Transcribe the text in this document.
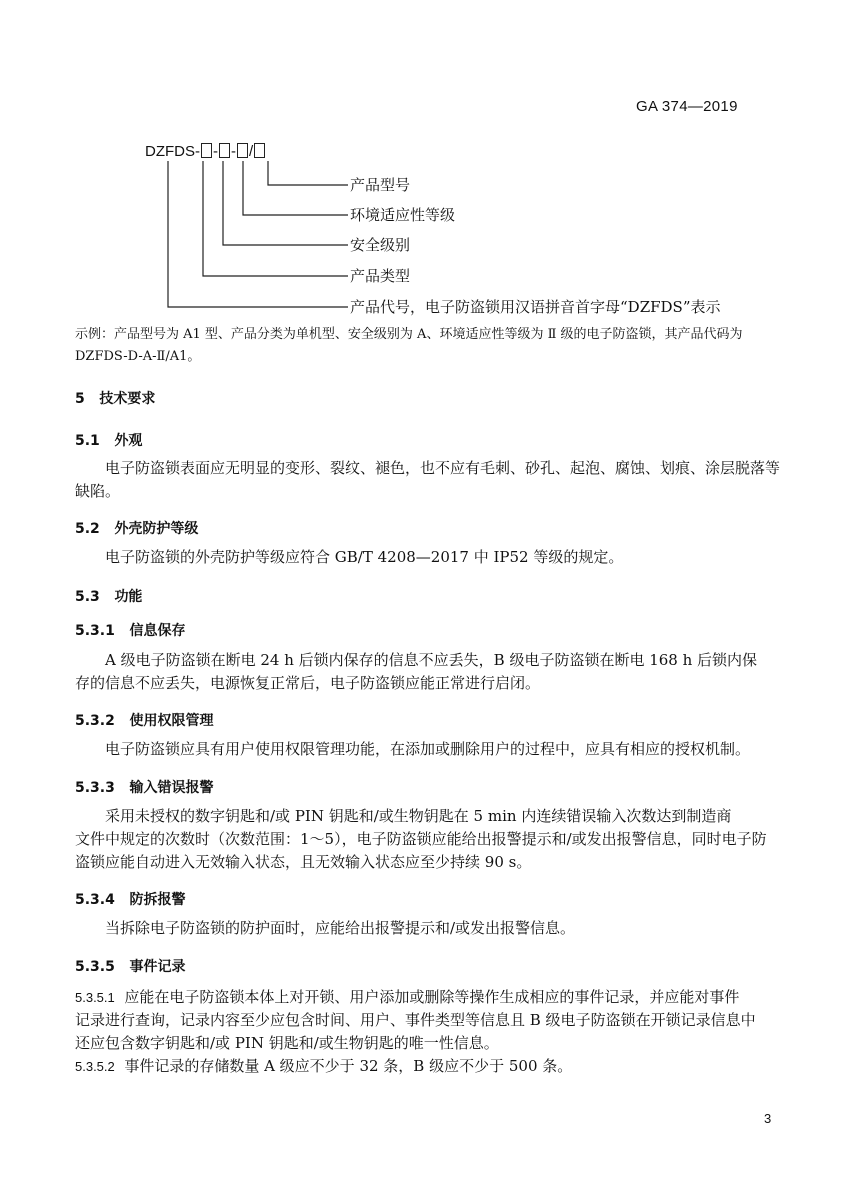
GA 374—2019
DZFDS- - - /
产品型号
环境适应性等级
安全级别
产品类型
产品代号，电子防盗锁用汉语拼音首字母“DZFDS”表示
示例：产品型号为 A1 型、产品分类为单机型、安全级别为 A、环境适应性等级为 Ⅱ 级的电子防盗锁，其产品代码为
DZFDS-D-A-Ⅱ/A1。
5 技术要求
5.1 外观
电子防盗锁表面应无明显的变形、裂纹、褪色，也不应有毛刺、砂孔、起泡、腐蚀、划痕、涂层脱落等
缺陷。
5.2 外壳防护等级
电子防盗锁的外壳防护等级应符合 GB/T 4208—2017 中 IP52 等级的规定。
5.3 功能
5.3.1 信息保存
A 级电子防盗锁在断电 24 h 后锁内保存的信息不应丢失，B 级电子防盗锁在断电 168 h 后锁内保
存的信息不应丢失，电源恢复正常后，电子防盗锁应能正常进行启闭。
5.3.2 使用权限管理
电子防盗锁应具有用户使用权限管理功能，在添加或删除用户的过程中，应具有相应的授权机制。
5.3.3 输入错误报警
采用未授权的数字钥匙和/或 PIN 钥匙和/或生物钥匙在 5 min 内连续错误输入次数达到制造商
文件中规定的次数时（次数范围：1～5），电子防盗锁应能给出报警提示和/或发出报警信息，同时电子防
盗锁应能自动进入无效输入状态，且无效输入状态应至少持续 90 s。
5.3.4 防拆报警
当拆除电子防盗锁的防护面时，应能给出报警提示和/或发出报警信息。
5.3.5 事件记录
5.3.5.1 应能在电子防盗锁本体上对开锁、用户添加或删除等操作生成相应的事件记录，并应能对事件
记录进行查询，记录内容至少应包含时间、用户、事件类型等信息且 B 级电子防盗锁在开锁记录信息中
还应包含数字钥匙和/或 PIN 钥匙和/或生物钥匙的唯一性信息。
5.3.5.2 事件记录的存储数量 A 级应不少于 32 条，B 级应不少于 500 条。
3
